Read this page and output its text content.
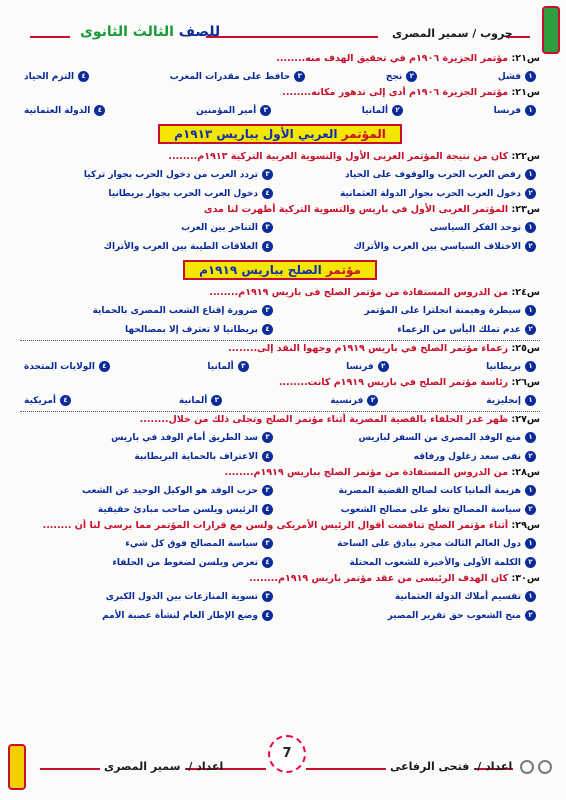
للصف الثالث الثانوى	جروب / سمير المصرى
س٢١: مؤتمر الجزيرة ١٩٠٦م في تحقيق الهدف منه........
١
فشل
٢
نجح
٣
حافظ على مقدرات المغرب
٤
التزم الحياد
س٢١: مؤتمر الجزيرة ١٩٠٦م أدى إلى تدهور مكانه........
١
فرنسا
٢
ألمانيا
٣
أمير المؤمنين
٤
الدولة العثمانية
المؤتمر العربي الأول بباريس ١٩١٣م
س٢٢: كان من نتيجة المؤتمر العربى الأول والتسوية العربية التركية ١٩١٣م........
١
رفض العرب الحرب والوقوف على الحياد
٣
تردد العرب من دخول الحرب بجوار تركيا
٢
دخول العرب الحرب بجوار الدولة العثمانية
٤
دخول العرب الحرب بجوار بريطانيا
س٢٣: المؤتمر العربى الأول في باريس والتسوية التركية أظهرت لنا مدى
١
توحد الفكر السياسى
٣
التناحر بين العرب
٢
الاختلاف السياسي بين العرب والأتراك
٤
العلاقات الطيبة بين العرب والأتراك
مؤتمر الصلح بباريس ١٩١٩م
س٢٤: من الدروس المستفادة من مؤتمر الصلح فى باريس ١٩١٩م........
١
سيطرة وهيمنة انجلترا على المؤتمر
٣
ضرورة إقناع الشعب المصرى بالحماية
٢
عدم تملك اليأس من الزعماء
٤
بريطانيا لا تعترف إلا بمصالحها
س٢٥: زعماء مؤتمر الصلح في باريس ١٩١٩م وجهوا النقد إلى........
١
بريطانيا
٢
فرنسا
٣
ألمانيا
٤
الولايات المتحدة
س٢٦: رئاسة مؤتمر الصلح في باريس ١٩١٩م كانت........
١
إنجليزية
٢
فرنسية
٣
ألمانية
٤
أمريكية
س٢٧: ظهر غدر الحلفاء بالقضية المصرية أثناء مؤتمر الصلح وتجلى ذلك من خلال........
١
منع الوفد المصرى من السفر لباريس
٣
سد الطريق أمام الوفد في باريس
٢
نفى سعد زغلول ورفاقه
٤
الاعتراف بالحماية البريطانية
س٢٨: من الدروس المستفادة من مؤتمر الصلح بباريس ١٩١٩م........
١
هزيمة ألمانيا كانت لصالح القضية المصرية
٣
حزب الوفد هو الوكيل الوحيد عن الشعب
٢
سياسة المصالح تعلو على مصالح الشعوب
٤
الرئيس ويلسن صاحب مبادئ حقيقية
س٢٩: أثناء مؤتمر الصلح تناقضت أقوال الرئيس الأمريكى ولسن مع قرارات المؤتمر مما يرسى لنا أن ........
١
دول العالم الثالث مجرد بيادق على الساحة
٣
سياسة المصالح فوق كل شيء
٢
الكلمة الأولى والأخيرة للشعوب المحتلة
٤
تعرض ويلسن لضغوط من الحلفاء
س٣٠: كان الهدف الرئيسى من عقد مؤتمر باريس ١٩١٩م........
١
تقسيم أملاك الدولة العثمانية
٣
تسوية المنازعات بين الدول الكبرى
٢
منح الشعوب حق تقرير المصير
٤
وضع الإطار العام لنشأة عصبة الأمم
اعداد /. فتحى الرفاعى
اعداد /. سمير المصرى
7
